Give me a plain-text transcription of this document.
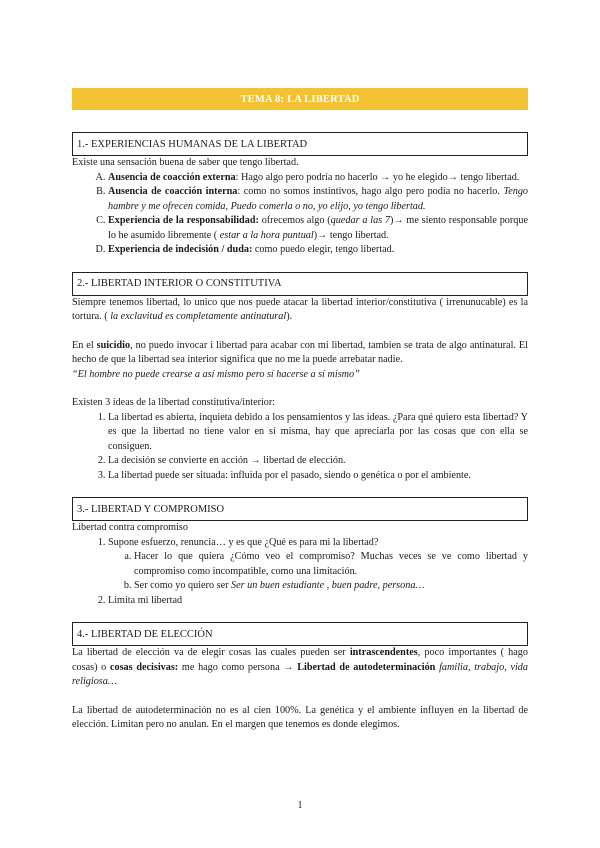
TEMA 8: LA LIBERTAD
1.- EXPERIENCIAS HUMANAS DE LA LIBERTAD

Existe una sensación buena de saber que tengo libertad.

A. Ausencia de coacción externa: Hago algo pero podría no hacerlo → yo he elegido→ tengo libertad.
B. Ausencia de coacción interna: como no somos instintivos, hago algo pero podía no hacerlo. Tengo hambre y me ofrecen comida, Puedo comerla o no, yo elijo, yo tengo libertad.
C. Experiencia de la responsabilidad: ofrecemos algo (quedar a las 7)→ me siento responsable porque lo he asumido libremente ( estar a la hora puntual)→ tengo libertad.
D. Experiencia de indecisión / duda: como puedo elegir, tengo libertad.
2.- LIBERTAD INTERIOR O CONSTITUTIVA

Siempre tenemos libertad, lo unico que nos puede atacar la libertad interior/constitutiva ( irrenunucable) es la tortura. ( la exclavitud es completamente antinatural).

En el suicidio, no puedo invocar i libertad para acabar con mi libertad, tambien se trata de algo antinatural. El hecho de que la libertad sea interior significa que no me la puede arrebatar nadie.

“El hombre no puede crearse a así mismo pero sí hacerse a sí mismo”

Existen 3 ideas de la libertad constitutiva/interior:

1. La libertad es abierta, inquieta debido a los pensamientos y las ideas. ¿Para qué quiero esta libertad? Y es que la libertad no tiene valor en sí misma, hay que apreciarla por las cosas que con ella se consiguen.
2. La decisión se convierte en acción → libertad de elección.
3. La libertad puede ser situada: influida por el pasado, siendo o genética o por el ambiente.
3.- LIBERTAD Y COMPROMISO

Libertad contra compromiso

1. Supone esfuerzo, renuncia… y es que ¿Qué es para mi la libertad?
a. Hacer lo que quiera ¿Cómo veo el compromiso? Muchas veces se ve como libertad y compromiso como incompatible, como una limitación.
b. Ser como yo quiero ser Ser un buen estudiante , buen padre, persona…
2. Limita mi libertad
4.- LIBERTAD DE ELECCIÓN

La libertad de elección va de elegir cosas las cuales pueden ser intrascendentes, poco importantes ( hago cosas) o cosas decisivas: me hago como persona → Libertad de autodeterminación familia, trabajo, vida religiosa…

La libertad de autodeterminación no es al cien 100%. La genética y el ambiente influyen en la libertad de elección. Limitan pero no anulan. En el margen que tenemos es donde elegimos.

1
